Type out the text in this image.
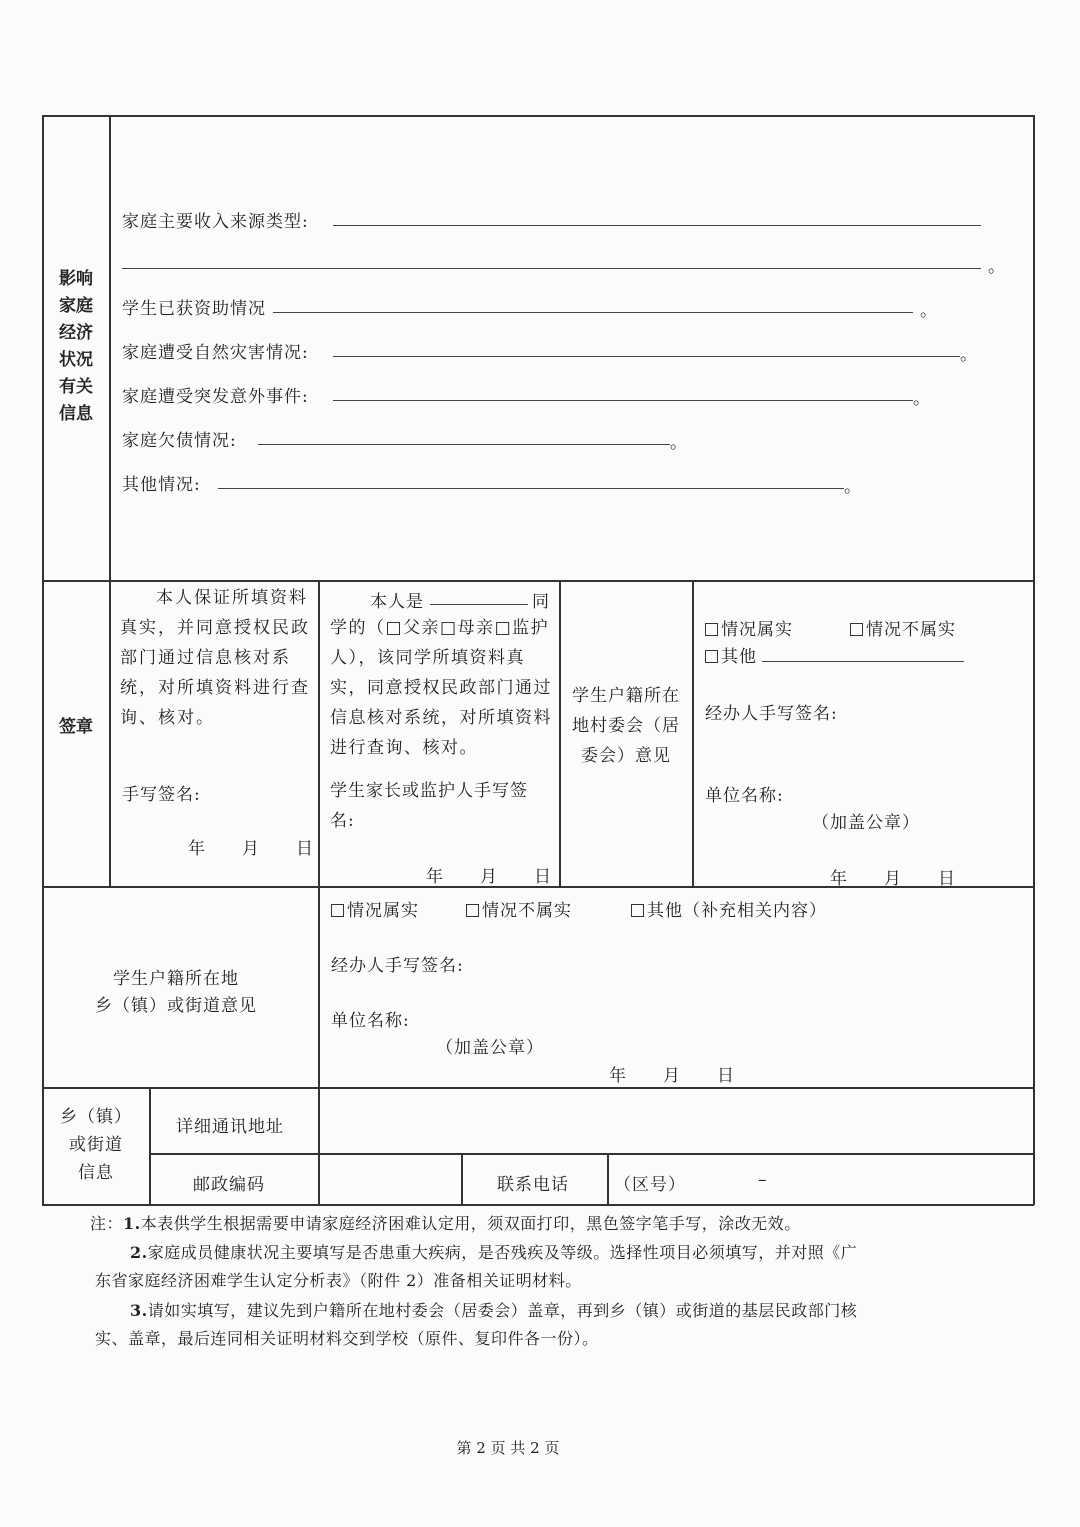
影响家庭经济状况有关信息
家庭主要收入来源类型:
。
学生已获资助情况	。
家庭遭受自然灾害情况:	。
家庭遭受突发意外事件:	。
家庭欠债情况:	。
其他情况:	。
签章
本人保证所填资料真实，并同意授权民政部门通过信息核对系统，对所填资料进行查询、核对。
手写签名:
年　　月　　日
本人是	同
学的（□父亲□母亲□监护人），该同学所填资料真实，同意授权民政部门通过信息核对系统，对所填资料进行查询、核对。
学生家长或监护人手写签名:
年　　月　　日
学生户籍所在地村委会（居委会）意见
情况属实	情况不属实
其他
经办人手写签名:
单位名称:
（加盖公章）
年　　月　　日
学生户籍所在地
乡（镇）或街道意见
情况属实	情况不属实	其他（补充相关内容）
经办人手写签名:
单位名称:
（加盖公章）
年　　月　　日
乡（镇）
或街道
信息
详细通讯地址
邮政编码	联系电话	（区号）	–
注：1.本表供学生根据需要申请家庭经济困难认定用，须双面打印，黑色签字笔手写，涂改无效。
2.家庭成员健康状况主要填写是否患重大疾病，是否残疾及等级。选择性项目必须填写，并对照《广
东省家庭经济困难学生认定分析表》（附件 2）准备相关证明材料。
3.请如实填写，建议先到户籍所在地村委会（居委会）盖章，再到乡（镇）或街道的基层民政部门核
实、盖章，最后连同相关证明材料交到学校（原件、复印件各一份）。
第 2 页 共 2 页
